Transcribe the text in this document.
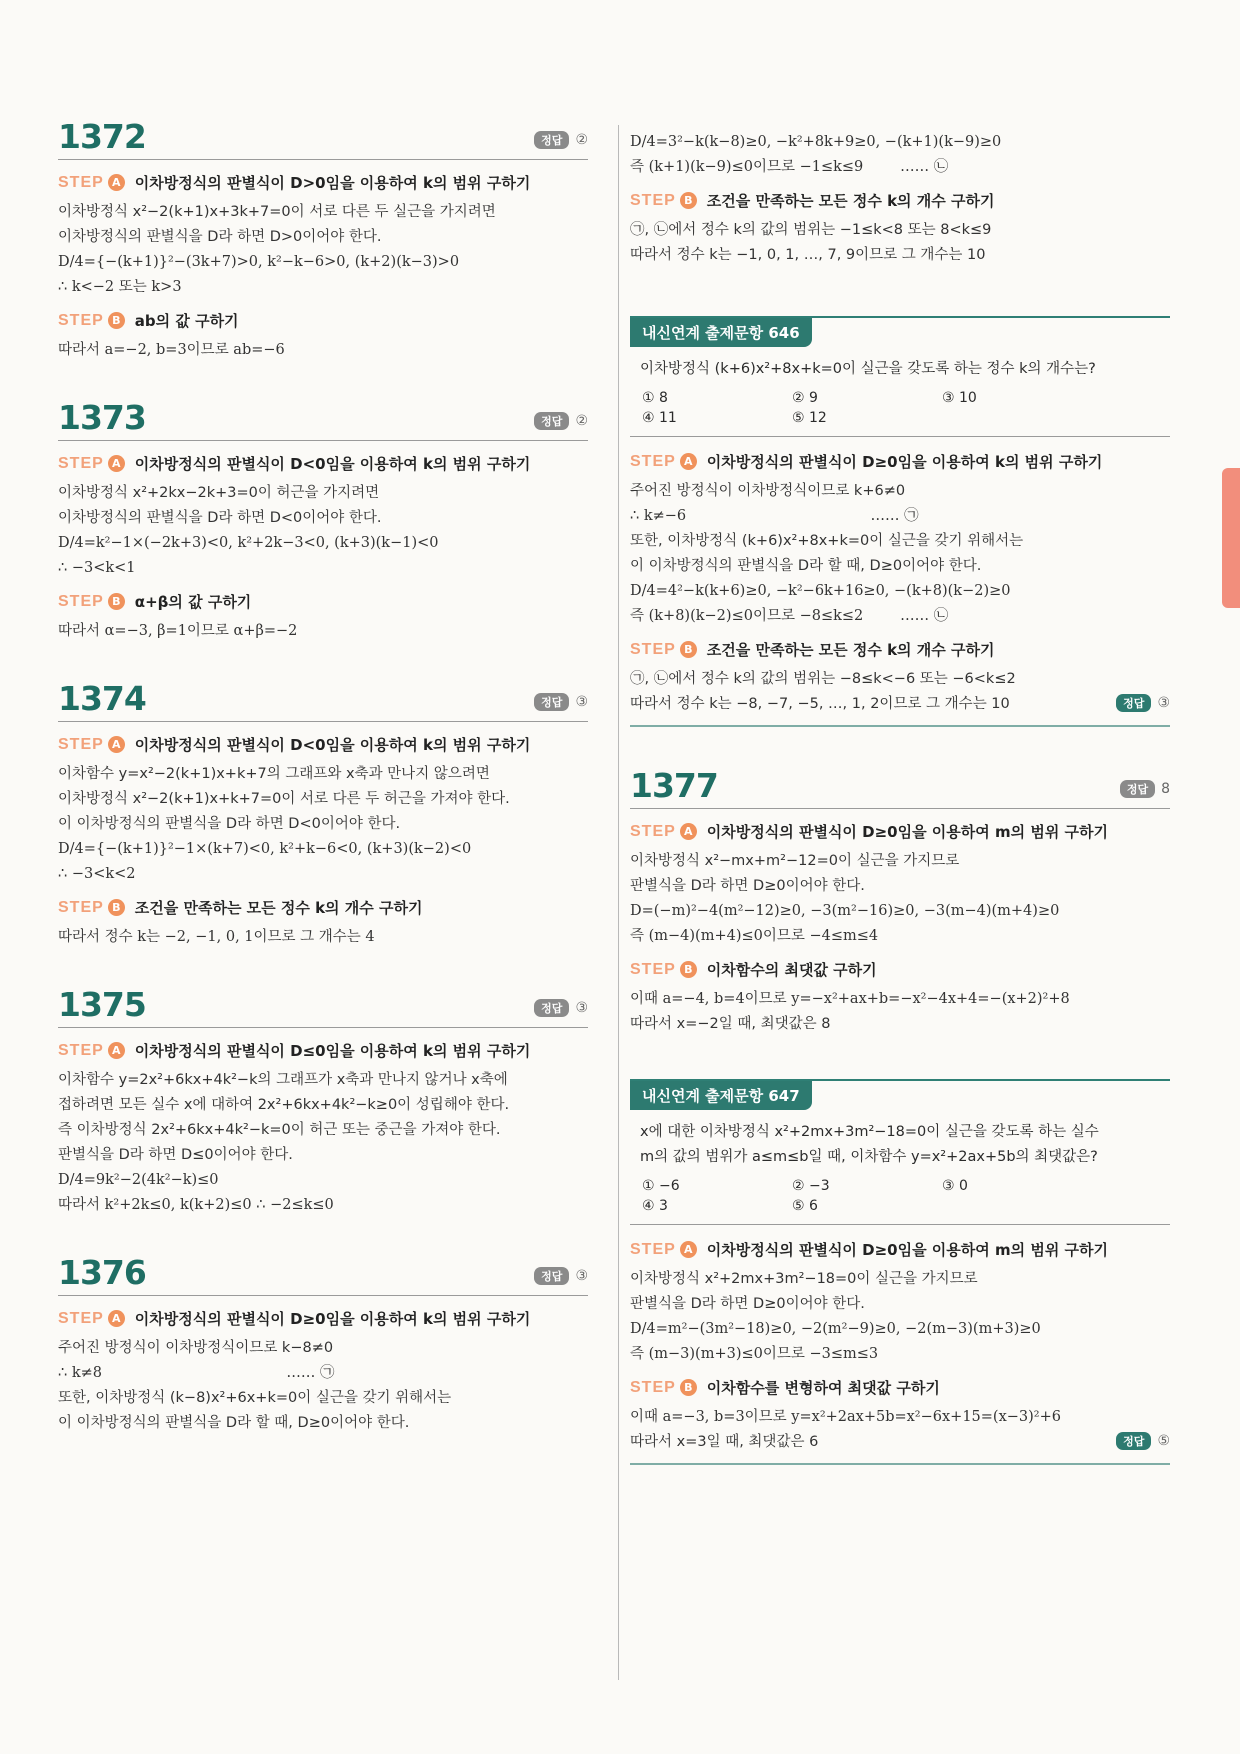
1372	정답 ②
STEP A 이차방정식의 판별식이 D>0임을 이용하여 k의 범위 구하기
이차방정식 x²−2(k+1)x+3k+7=0이 서로 다른 두 실근을 가지려면
이차방정식의 판별식을 D라 하면 D>0이어야 한다.
D/4={−(k+1)}²−(3k+7)>0, k²−k−6>0, (k+2)(k−3)>0
∴ k<−2 또는 k>3
STEP B ab의 값 구하기
따라서 a=−2, b=3이므로 ab=−6
1373	정답 ②
STEP A 이차방정식의 판별식이 D<0임을 이용하여 k의 범위 구하기
이차방정식 x²+2kx−2k+3=0이 허근을 가지려면
이차방정식의 판별식을 D라 하면 D<0이어야 한다.
D/4=k²−1×(−2k+3)<0, k²+2k−3<0, (k+3)(k−1)<0
∴ −3<k<1
STEP B α+β의 값 구하기
따라서 α=−3, β=1이므로 α+β=−2
1374	정답 ③
STEP A 이차방정식의 판별식이 D<0임을 이용하여 k의 범위 구하기
이차함수 y=x²−2(k+1)x+k+7의 그래프와 x축과 만나지 않으려면
이차방정식 x²−2(k+1)x+k+7=0이 서로 다른 두 허근을 가져야 한다.
이 이차방정식의 판별식을 D라 하면 D<0이어야 한다.
D/4={−(k+1)}²−1×(k+7)<0, k²+k−6<0, (k+3)(k−2)<0
∴ −3<k<2
STEP B 조건을 만족하는 모든 정수 k의 개수 구하기
따라서 정수 k는 −2, −1, 0, 1이므로 그 개수는 4
1375	정답 ③
STEP A 이차방정식의 판별식이 D≤0임을 이용하여 k의 범위 구하기
이차함수 y=2x²+6kx+4k²−k의 그래프가 x축과 만나지 않거나 x축에
접하려면 모든 실수 x에 대하여 2x²+6kx+4k²−k≥0이 성립해야 한다.
즉 이차방정식 2x²+6kx+4k²−k=0이 허근 또는 중근을 가져야 한다.
판별식을 D라 하면 D≤0이어야 한다.
D/4=9k²−2(4k²−k)≤0
따라서 k²+2k≤0, k(k+2)≤0 ∴ −2≤k≤0
1376	정답 ③
STEP A 이차방정식의 판별식이 D≥0임을 이용하여 k의 범위 구하기
주어진 방정식이 이차방정식이므로 k−8≠0
∴ k≠8                                        …… ㉠
또한, 이차방정식 (k−8)x²+6x+k=0이 실근을 갖기 위해서는
이 이차방정식의 판별식을 D라 할 때, D≥0이어야 한다.
D/4=3²−k(k−8)≥0, −k²+8k+9≥0, −(k+1)(k−9)≥0
즉 (k+1)(k−9)≤0이므로 −1≤k≤9        …… ㉡
STEP B 조건을 만족하는 모든 정수 k의 개수 구하기
㉠, ㉡에서 정수 k의 값의 범위는 −1≤k<8 또는 8<k≤9
따라서 정수 k는 −1, 0, 1, …, 7, 9이므로 그 개수는 10
내신연계 출제문항 646
이차방정식 (k+6)x²+8x+k=0이 실근을 갖도록 하는 정수 k의 개수는?
① 8	② 9	③ 10
④ 11	⑤ 12
STEP A 이차방정식의 판별식이 D≥0임을 이용하여 k의 범위 구하기
주어진 방정식이 이차방정식이므로 k+6≠0
∴ k≠−6                                        …… ㉠
또한, 이차방정식 (k+6)x²+8x+k=0이 실근을 갖기 위해서는
이 이차방정식의 판별식을 D라 할 때, D≥0이어야 한다.
D/4=4²−k(k+6)≥0, −k²−6k+16≥0, −(k+8)(k−2)≥0
즉 (k+8)(k−2)≤0이므로 −8≤k≤2        …… ㉡
STEP B 조건을 만족하는 모든 정수 k의 개수 구하기
㉠, ㉡에서 정수 k의 값의 범위는 −8≤k<−6 또는 −6<k≤2
따라서 정수 k는 −8, −7, −5, …, 1, 2이므로 그 개수는 10	정답 ③
1377	정답 8
STEP A 이차방정식의 판별식이 D≥0임을 이용하여 m의 범위 구하기
이차방정식 x²−mx+m²−12=0이 실근을 가지므로
판별식을 D라 하면 D≥0이어야 한다.
D=(−m)²−4(m²−12)≥0, −3(m²−16)≥0, −3(m−4)(m+4)≥0
즉 (m−4)(m+4)≤0이므로 −4≤m≤4
STEP B 이차함수의 최댓값 구하기
이때 a=−4, b=4이므로 y=−x²+ax+b=−x²−4x+4=−(x+2)²+8
따라서 x=−2일 때, 최댓값은 8
내신연계 출제문항 647
x에 대한 이차방정식 x²+2mx+3m²−18=0이 실근을 갖도록 하는 실수
m의 값의 범위가 a≤m≤b일 때, 이차함수 y=x²+2ax+5b의 최댓값은?
① −6	② −3	③ 0
④ 3	⑤ 6
STEP A 이차방정식의 판별식이 D≥0임을 이용하여 m의 범위 구하기
이차방정식 x²+2mx+3m²−18=0이 실근을 가지므로
판별식을 D라 하면 D≥0이어야 한다.
D/4=m²−(3m²−18)≥0, −2(m²−9)≥0, −2(m−3)(m+3)≥0
즉 (m−3)(m+3)≤0이므로 −3≤m≤3
STEP B 이차함수를 변형하여 최댓값 구하기
이때 a=−3, b=3이므로 y=x²+2ax+5b=x²−6x+15=(x−3)²+6
따라서 x=3일 때, 최댓값은 6	정답 ⑤
